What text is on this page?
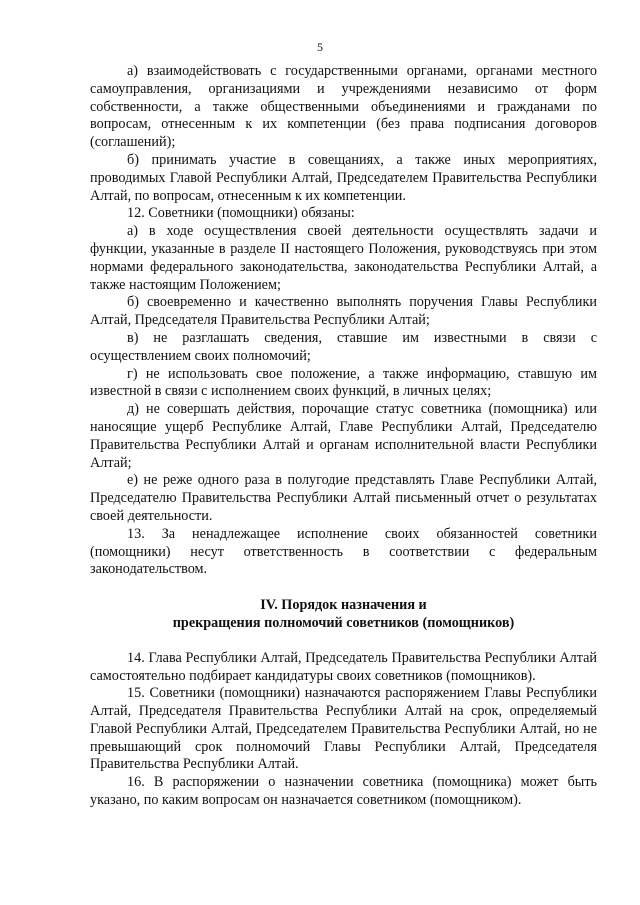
5

а) взаимодействовать с государственными органами, органами местного самоуправления, организациями и учреждениями независимо от форм собственности, а также общественными объединениями и гражданами по вопросам, отнесенным к их компетенции (без права подписания договоров (соглашений);

б) принимать участие в совещаниях, а также иных мероприятиях, проводимых Главой Республики Алтай, Председателем Правительства Республики Алтай, по вопросам, отнесенным к их компетенции.

12. Советники (помощники) обязаны:

а) в ходе осуществления своей деятельности осуществлять задачи и функции, указанные в разделе II настоящего Положения, руководствуясь при этом нормами федерального законодательства, законодательства Республики Алтай, а также настоящим Положением;

б) своевременно и качественно выполнять поручения Главы Республики Алтай, Председателя Правительства Республики Алтай;

в) не разглашать сведения, ставшие им известными в связи с осуществлением своих полномочий;

г) не использовать свое положение, а также информацию, ставшую им известной в связи с исполнением своих функций, в личных целях;

д) не совершать действия, порочащие статус советника (помощника) или наносящие ущерб Республике Алтай, Главе Республики Алтай, Председателю Правительства Республики Алтай и органам исполнительной власти Республики Алтай;

е) не реже одного раза в полугодие представлять Главе Республики Алтай, Председателю Правительства Республики Алтай письменный отчет о результатах своей деятельности.

13. За ненадлежащее исполнение своих обязанностей советники (помощники) несут ответственность в соответствии с федеральным законодательством.

IV. Порядок назначения и
прекращения полномочий советников (помощников)

14. Глава Республики Алтай, Председатель Правительства Республики Алтай самостоятельно подбирает кандидатуры своих советников (помощников).

15. Советники (помощники) назначаются распоряжением Главы Республики Алтай, Председателя Правительства Республики Алтай на срок, определяемый Главой Республики Алтай, Председателем Правительства Республики Алтай, но не превышающий срок полномочий Главы Республики Алтай, Председателя Правительства Республики Алтай.

16. В распоряжении о назначении советника (помощника) может быть указано, по каким вопросам он назначается советником (помощником).
